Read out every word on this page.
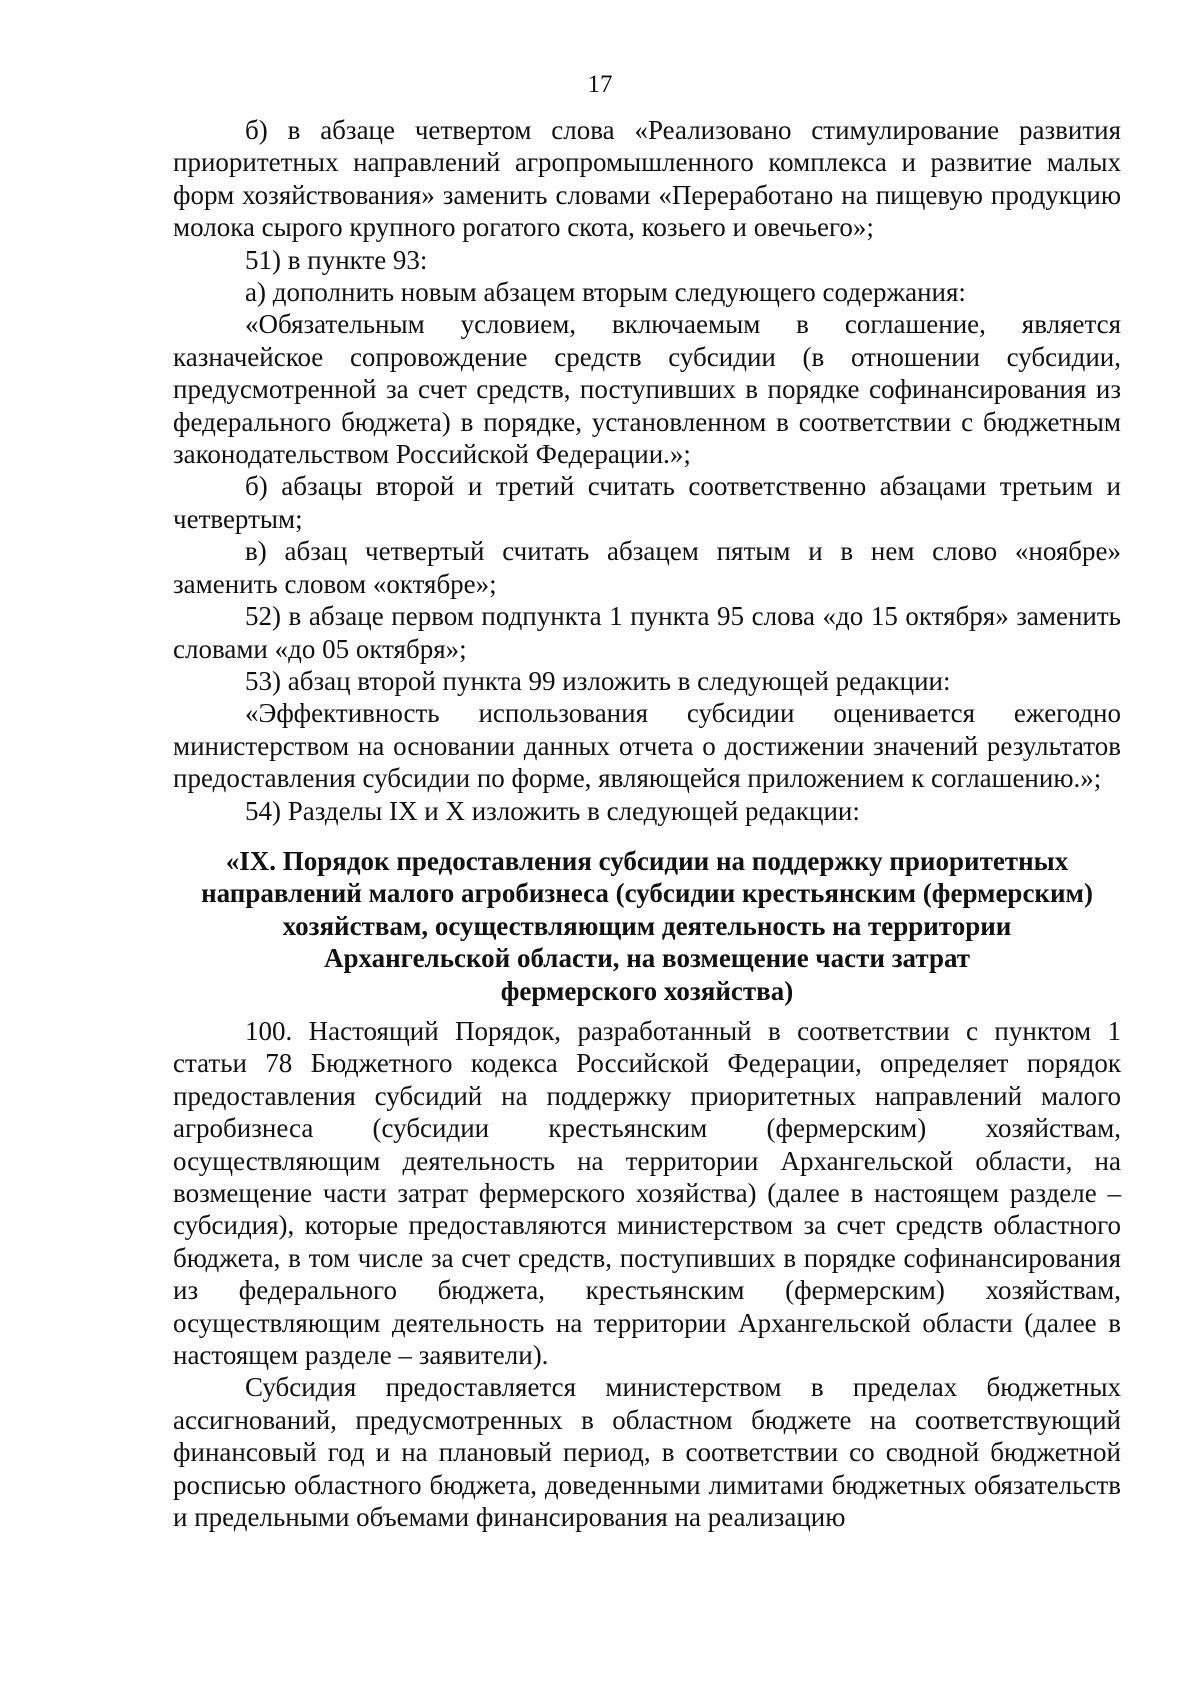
17

б) в абзаце четвертом слова «Реализовано стимулирование развития приоритетных направлений агропромышленного комплекса и развитие малых форм хозяйствования» заменить словами «Переработано на пищевую продукцию молока сырого крупного рогатого скота, козьего и овечьего»;

51) в пункте 93:

а) дополнить новым абзацем вторым следующего содержания:

«Обязательным условием, включаемым в соглашение, является казначейское сопровождение средств субсидии (в отношении субсидии, предусмотренной за счет средств, поступивших в порядке софинансирования из федерального бюджета) в порядке, установленном в соответствии с бюджетным законодательством Российской Федерации.»;

б) абзацы второй и третий считать соответственно абзацами третьим и четвертым;

в) абзац четвертый считать абзацем пятым и в нем слово «ноябре» заменить словом «октябре»;

52) в абзаце первом подпункта 1 пункта 95 слова «до 15 октября» заменить словами «до 05 октября»;

53) абзац второй пункта 99 изложить в следующей редакции:

«Эффективность использования субсидии оценивается ежегодно министерством на основании данных отчета о достижении значений результатов предоставления субсидии по форме, являющейся приложением к соглашению.»;

54) Разделы IX и X изложить в следующей редакции:

«IX. Порядок предоставления субсидии на поддержку приоритетных
направлений малого агробизнеса (субсидии крестьянским (фермерским)
хозяйствам, осуществляющим деятельность на территории
Архангельской области, на возмещение части затрат
фермерского хозяйства)

100. Настоящий Порядок, разработанный в соответствии с пунктом 1 статьи 78 Бюджетного кодекса Российской Федерации, определяет порядок предоставления субсидий на поддержку приоритетных направлений малого агробизнеса (субсидии крестьянским (фермерским) хозяйствам, осуществляющим деятельность на территории Архангельской области, на возмещение части затрат фермерского хозяйства) (далее в настоящем разделе – субсидия), которые предоставляются министерством за счет средств областного бюджета, в том числе за счет средств, поступивших в порядке софинансирования из федерального бюджета, крестьянским (фермерским) хозяйствам, осуществляющим деятельность на территории Архангельской области (далее в настоящем разделе – заявители).

Субсидия предоставляется министерством в пределах бюджетных ассигнований, предусмотренных в областном бюджете на соответствующий финансовый год и на плановый период, в соответствии со сводной бюджетной росписью областного бюджета, доведенными лимитами бюджетных обязательств и предельными объемами финансирования на реализацию
